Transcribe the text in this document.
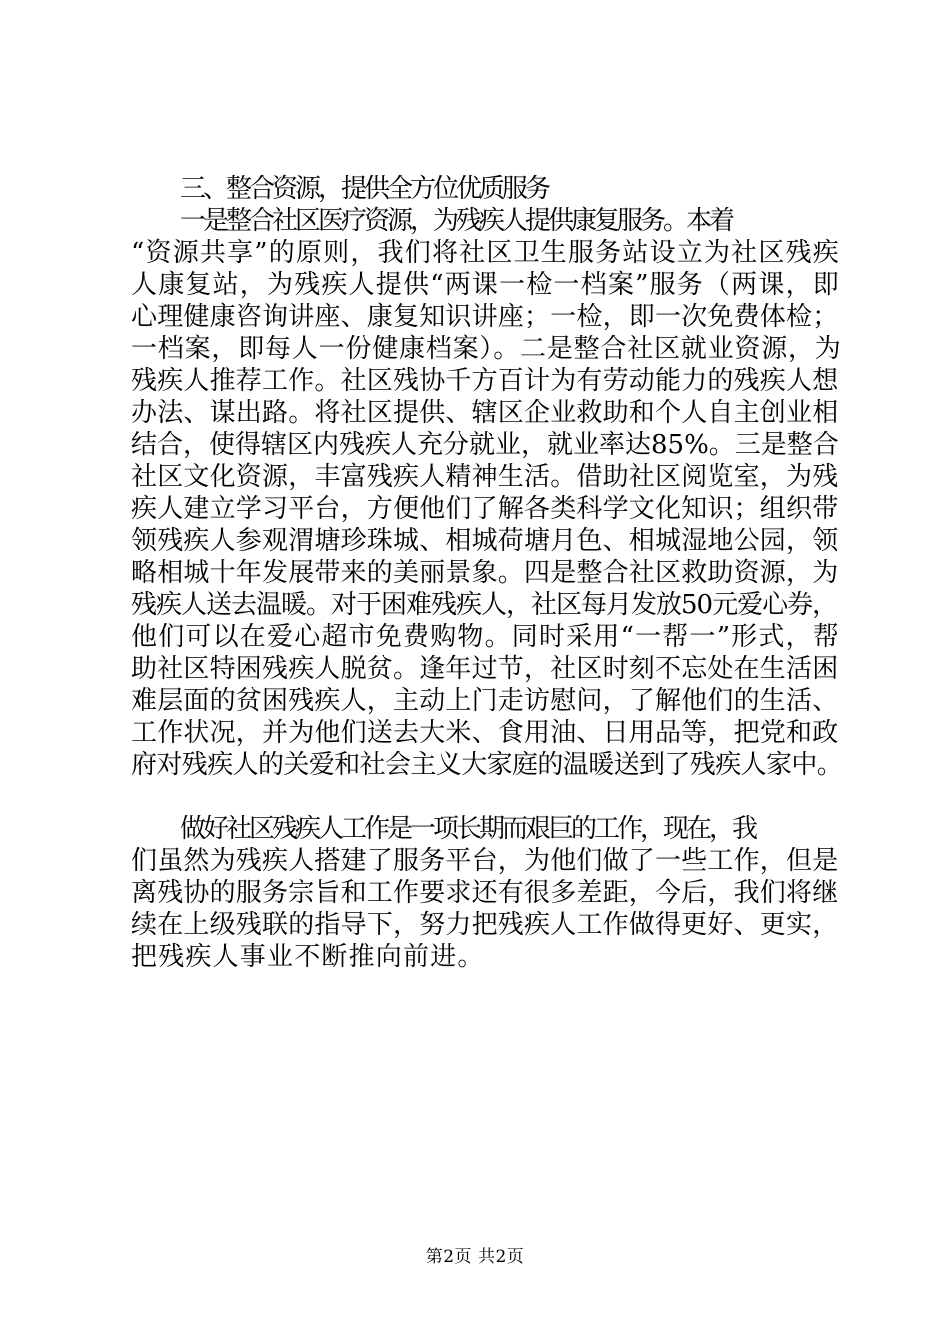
三、整合资源，提供全方位优质服务
一是整合社区医疗资源，为残疾人提供康复服务。本着
“资源共享”的原则，我们将社区卫生服务站设立为社区残疾
人康复站，为残疾人提供“两课一检一档案”服务（两课，即
心理健康咨询讲座、康复知识讲座；一检，即一次免费体检；
一档案，即每人一份健康档案）。二是整合社区就业资源，为
残疾人推荐工作。社区残协千方百计为有劳动能力的残疾人想
办法、谋出路。将社区提供、辖区企业救助和个人自主创业相
结合，使得辖区内残疾人充分就业，就业率达85%。三是整合
社区文化资源，丰富残疾人精神生活。借助社区阅览室，为残
疾人建立学习平台，方便他们了解各类科学文化知识；组织带
领残疾人参观渭塘珍珠城、相城荷塘月色、相城湿地公园，领
略相城十年发展带来的美丽景象。四是整合社区救助资源，为
残疾人送去温暖。对于困难残疾人，社区每月发放50元爱心券，
他们可以在爱心超市免费购物。同时采用“一帮一”形式，帮
助社区特困残疾人脱贫。逢年过节，社区时刻不忘处在生活困
难层面的贫困残疾人，主动上门走访慰问，了解他们的生活、
工作状况，并为他们送去大米、食用油、日用品等，把党和政
府对残疾人的关爱和社会主义大家庭的温暖送到了残疾人家中。
做好社区残疾人工作是一项长期而艰巨的工作，现在，我
们虽然为残疾人搭建了服务平台，为他们做了一些工作，但是
离残协的服务宗旨和工作要求还有很多差距，今后，我们将继
续在上级残联的指导下，努力把残疾人工作做得更好、更实，
把残疾人事业不断推向前进。
第2页 共2页
